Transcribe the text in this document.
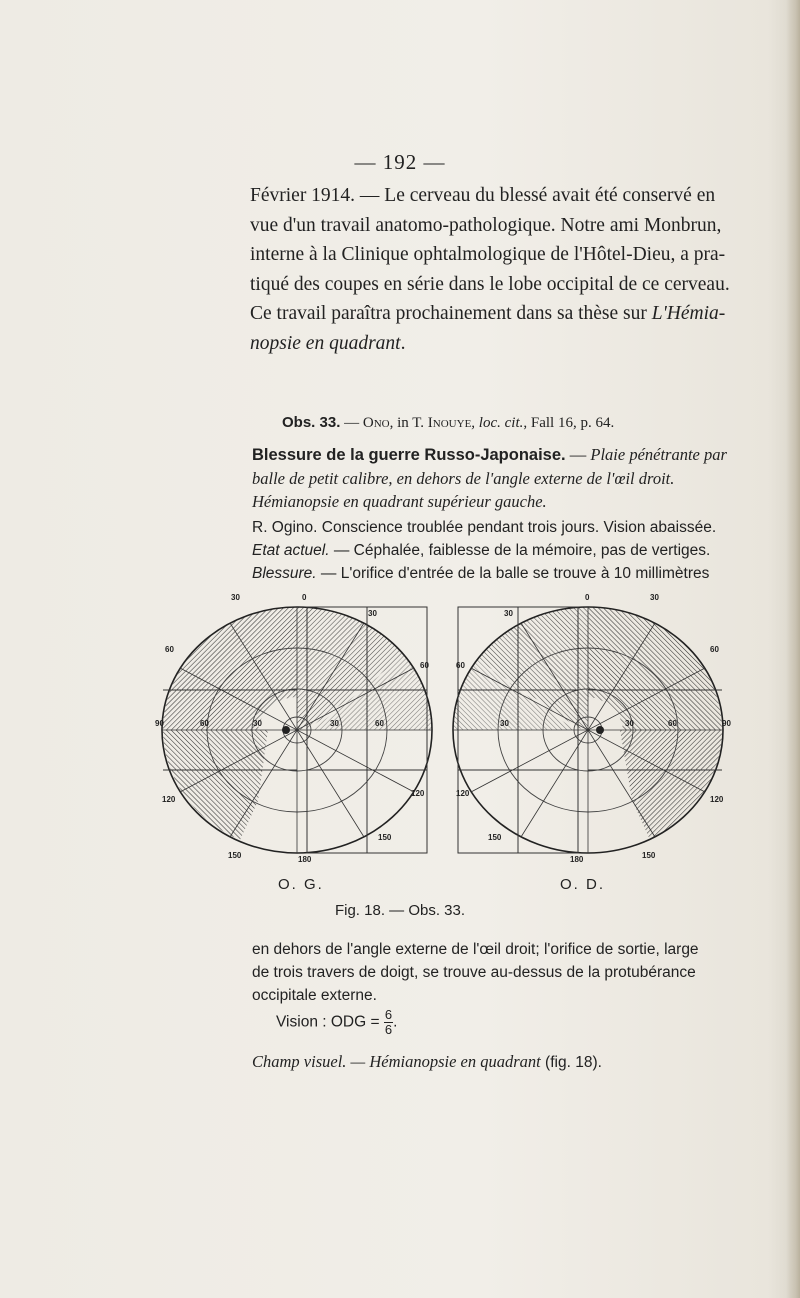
— 192 —
Février 1914. — Le cerveau du blessé avait été conservé en
vue d'un travail anatomo-pathologique. Notre ami Monbrun,
interne à la Clinique ophtalmologique de l'Hôtel-Dieu, a pra-
tiqué des coupes en série dans le lobe occipital de ce cerveau.
Ce travail paraîtra prochainement dans sa thèse sur L'Hémia-
nopsie en quadrant.
Obs. 33. — Ono, in T. Inouye, loc. cit., Fall 16, p. 64.
Blessure de la guerre Russo-Japonaise. — Plaie pénétrante par
balle de petit calibre, en dehors de l'angle externe de l'œil droit.
Hémianopsie en quadrant supérieur gauche.
R. Ogino. Conscience troublée pendant trois jours. Vision abaissée.
Etat actuel. — Céphalée, faiblesse de la mémoire, pas de vertiges.
Blessure. — L'orifice d'entrée de la balle se trouve à 10 millimètres
30	0
30
60
60
90
120
120
150
150
180
60	30	30	60
30
0	30
60
60
90
120
120
150
150
180
30	30	60
O. G.	O. D.
Fig. 18. — Obs. 33.
en dehors de l'angle externe de l'œil droit; l'orifice de sortie, large
de trois travers de doigt, se trouve au-dessus de la protubérance
occipitale externe.
Vision : ODG = $\frac{6}{6}$ .
Champ visuel. — Hémianopsie en quadrant (fig. 18).
